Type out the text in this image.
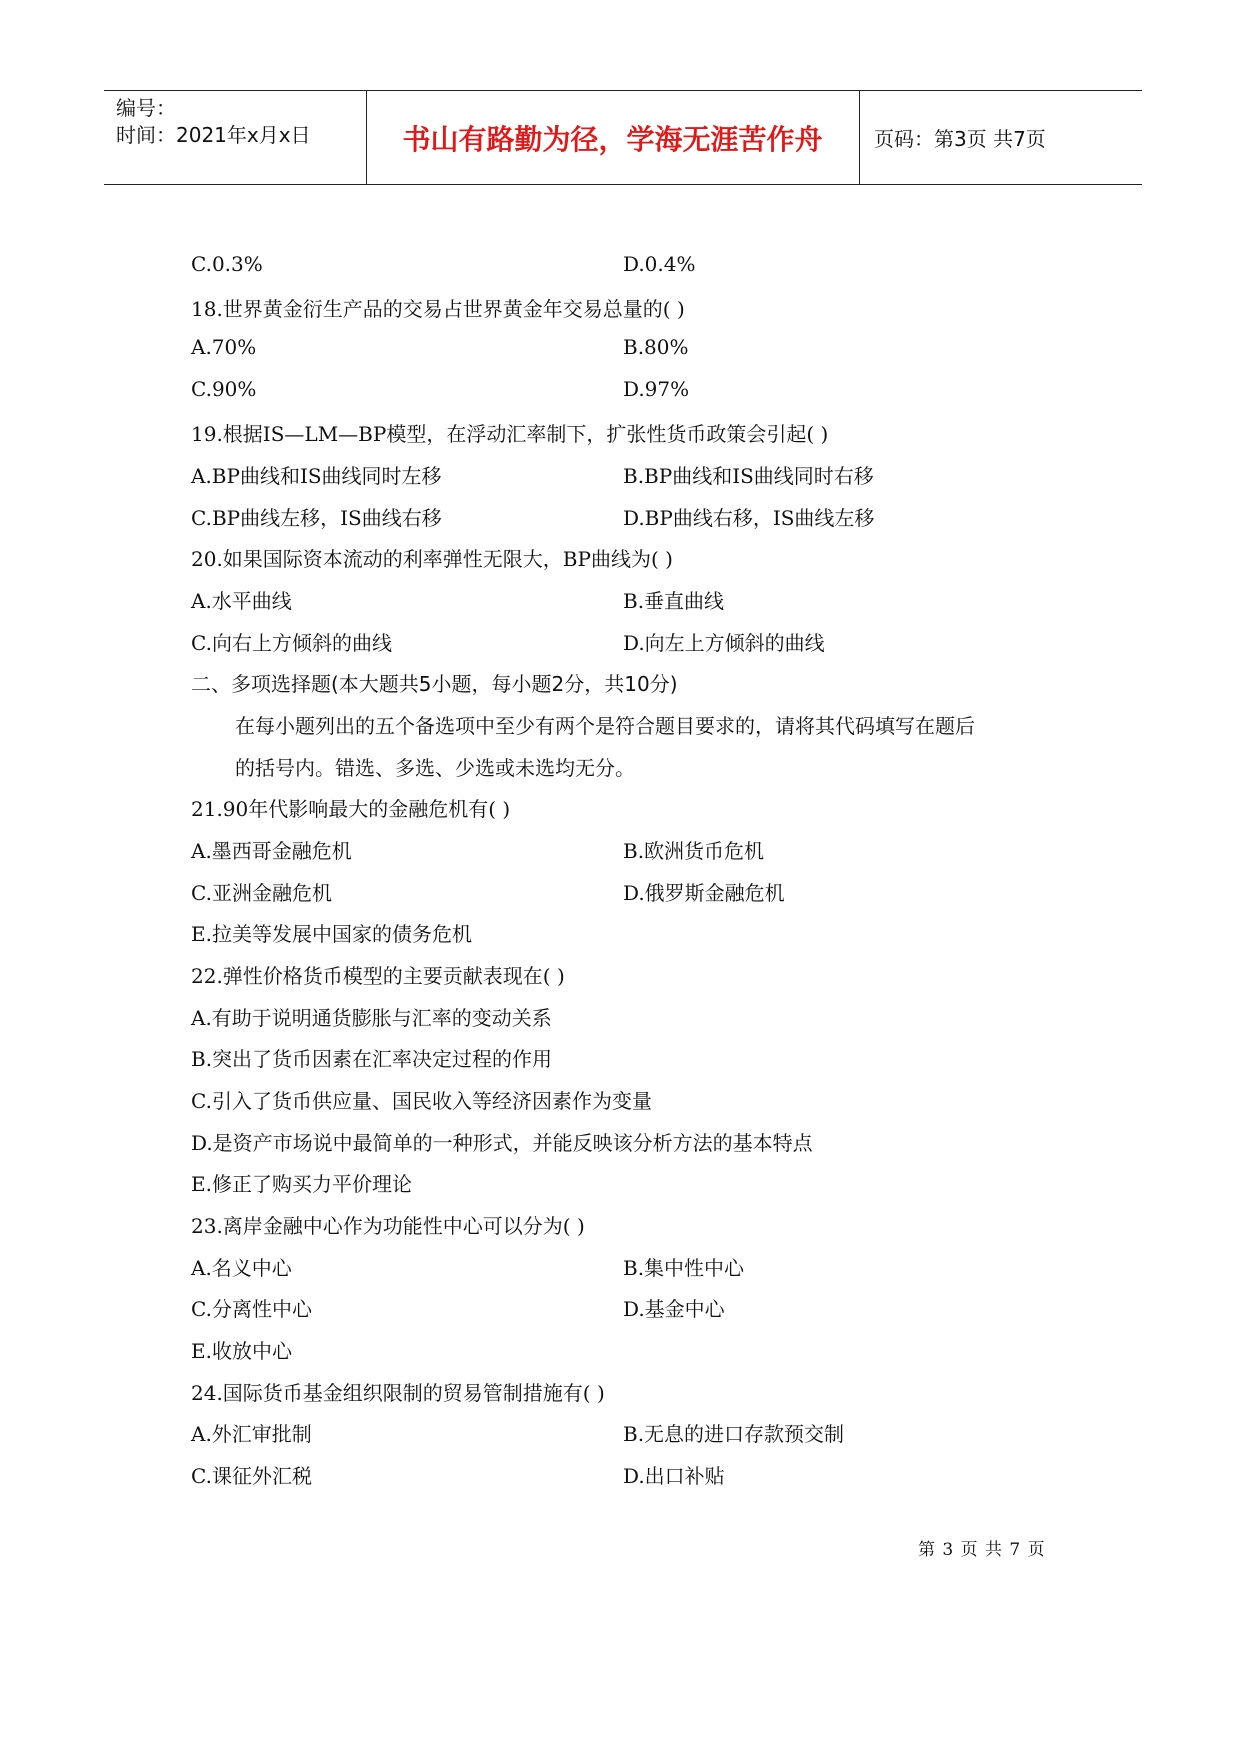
编号：
时间：2021年x月x日	书山有路勤为径，学海无涯苦作舟	页码：第3页 共7页
C.0.3%	D.0.4%
18.世界黄金衍生产品的交易占世界黄金年交易总量的( )
A.70%	B.80%
C.90%	D.97%
19.根据IS—LM—BP模型，在浮动汇率制下，扩张性货币政策会引起( )
A.BP曲线和IS曲线同时左移	B.BP曲线和IS曲线同时右移
C.BP曲线左移，IS曲线右移	D.BP曲线右移，IS曲线左移
20.如果国际资本流动的利率弹性无限大，BP曲线为( )
A.水平曲线	B.垂直曲线
C.向右上方倾斜的曲线	D.向左上方倾斜的曲线
二、多项选择题(本大题共5小题，每小题2分，共10分)
在每小题列出的五个备选项中至少有两个是符合题目要求的，请将其代码填写在题后
的括号内。错选、多选、少选或未选均无分。
21.90年代影响最大的金融危机有( )
A.墨西哥金融危机	B.欧洲货币危机
C.亚洲金融危机	D.俄罗斯金融危机
E.拉美等发展中国家的债务危机
22.弹性价格货币模型的主要贡献表现在( )
A.有助于说明通货膨胀与汇率的变动关系
B.突出了货币因素在汇率决定过程的作用
C.引入了货币供应量、国民收入等经济因素作为变量
D.是资产市场说中最简单的一种形式，并能反映该分析方法的基本特点
E.修正了购买力平价理论
23.离岸金融中心作为功能性中心可以分为( )
A.名义中心	B.集中性中心
C.分离性中心	D.基金中心
E.收放中心
24.国际货币基金组织限制的贸易管制措施有( )
A.外汇审批制	B.无息的进口存款预交制
C.课征外汇税	D.出口补贴
第 3 页 共 7 页
